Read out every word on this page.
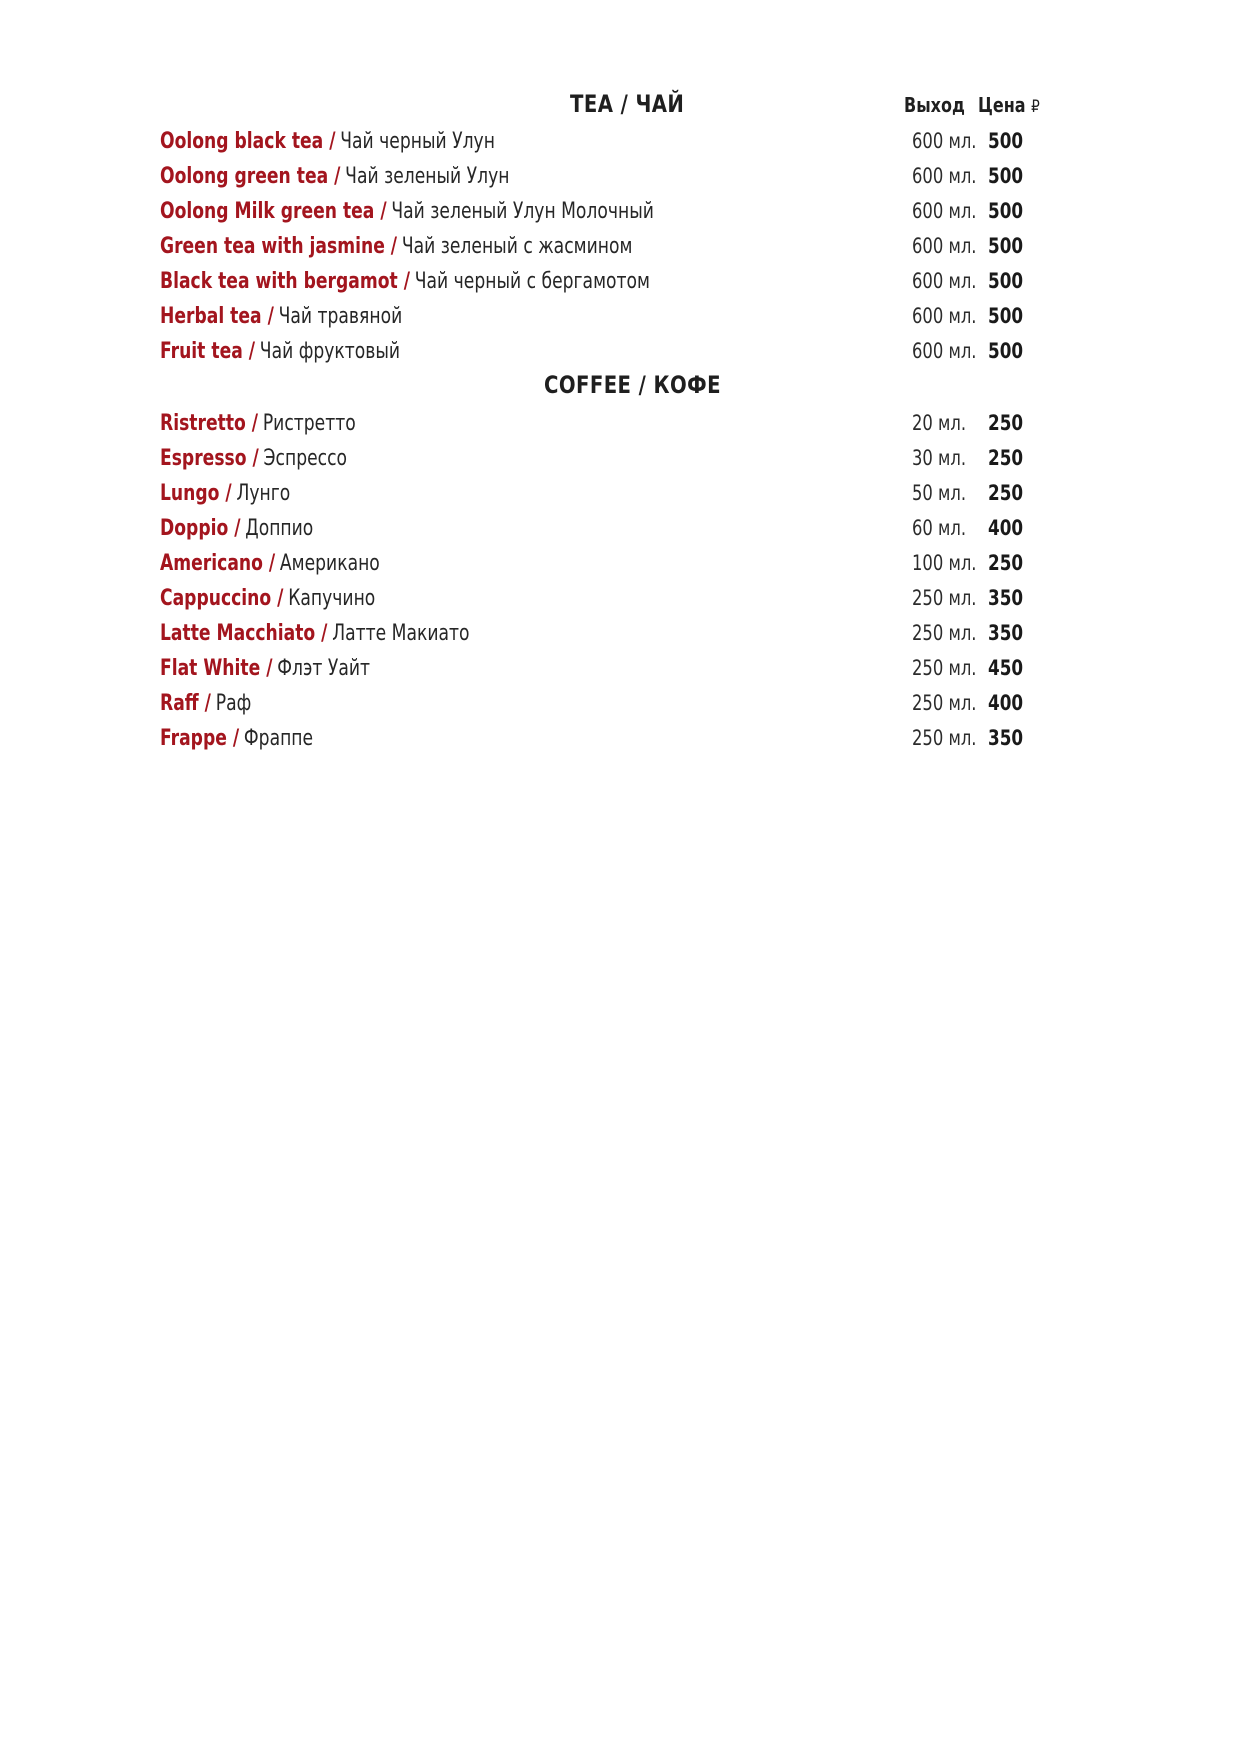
Выход Цена ₽
TEA / ЧАЙ
Oolong black tea / Чай черный Улун	600 мл. 500
Oolong green tea / Чай зеленый Улун	600 мл. 500
Oolong Milk green tea / Чай зеленый Улун Молочный	600 мл. 500
Green tea with jasmine / Чай зеленый с жасмином	600 мл. 500
Black tea with bergamot / Чай черный с бергамотом	600 мл. 500
Herbal tea / Чай травяной	600 мл. 500
Fruit tea / Чай фруктовый	600 мл. 500
COFFEE / КОФЕ
Ristretto / Ристретто	20 мл. 250
Espresso / Эспрессо	30 мл. 250
Lungo / Лунго	50 мл. 250
Doppio / Доппио	60 мл. 400
Americano / Американо	100 мл. 250
Cappuccino / Капучино	250 мл. 350
Latte Macchiato / Латте Макиато	250 мл. 350
Flat White / Флэт Уайт	250 мл. 450
Raff / Раф	250 мл. 400
Frappe / Фраппе	250 мл. 350
